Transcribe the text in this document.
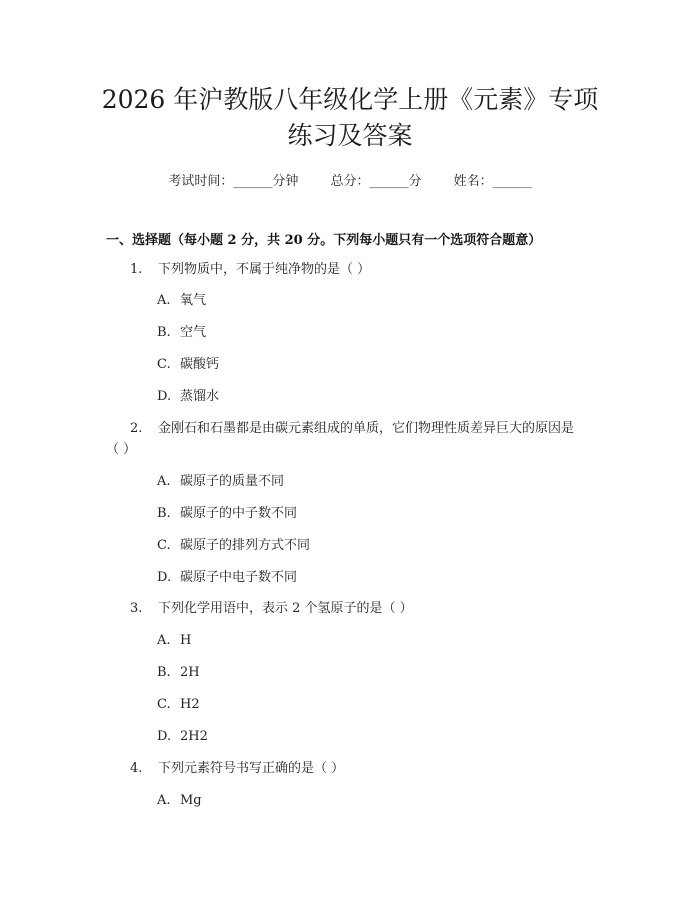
2026 年沪教版八年级化学上册《元素》专项
练习及答案
考试时间：______分钟 总分：______分 姓名：______
一、选择题（每小题 2 分，共 20 分。下列每小题只有一个选项符合题意）
1. 下列物质中，不属于纯净物的是（ ）
A. 氧气
B. 空气
C. 碳酸钙
D. 蒸馏水
2. 金刚石和石墨都是由碳元素组成的单质，它们物理性质差异巨大的原因是
（ ）
A. 碳原子的质量不同
B. 碳原子的中子数不同
C. 碳原子的排列方式不同
D. 碳原子中电子数不同
3. 下列化学用语中，表示 2 个氢原子的是（ ）
A. H
B. 2H
C. H2
D. 2H2
4. 下列元素符号书写正确的是（ ）
A. Mg
